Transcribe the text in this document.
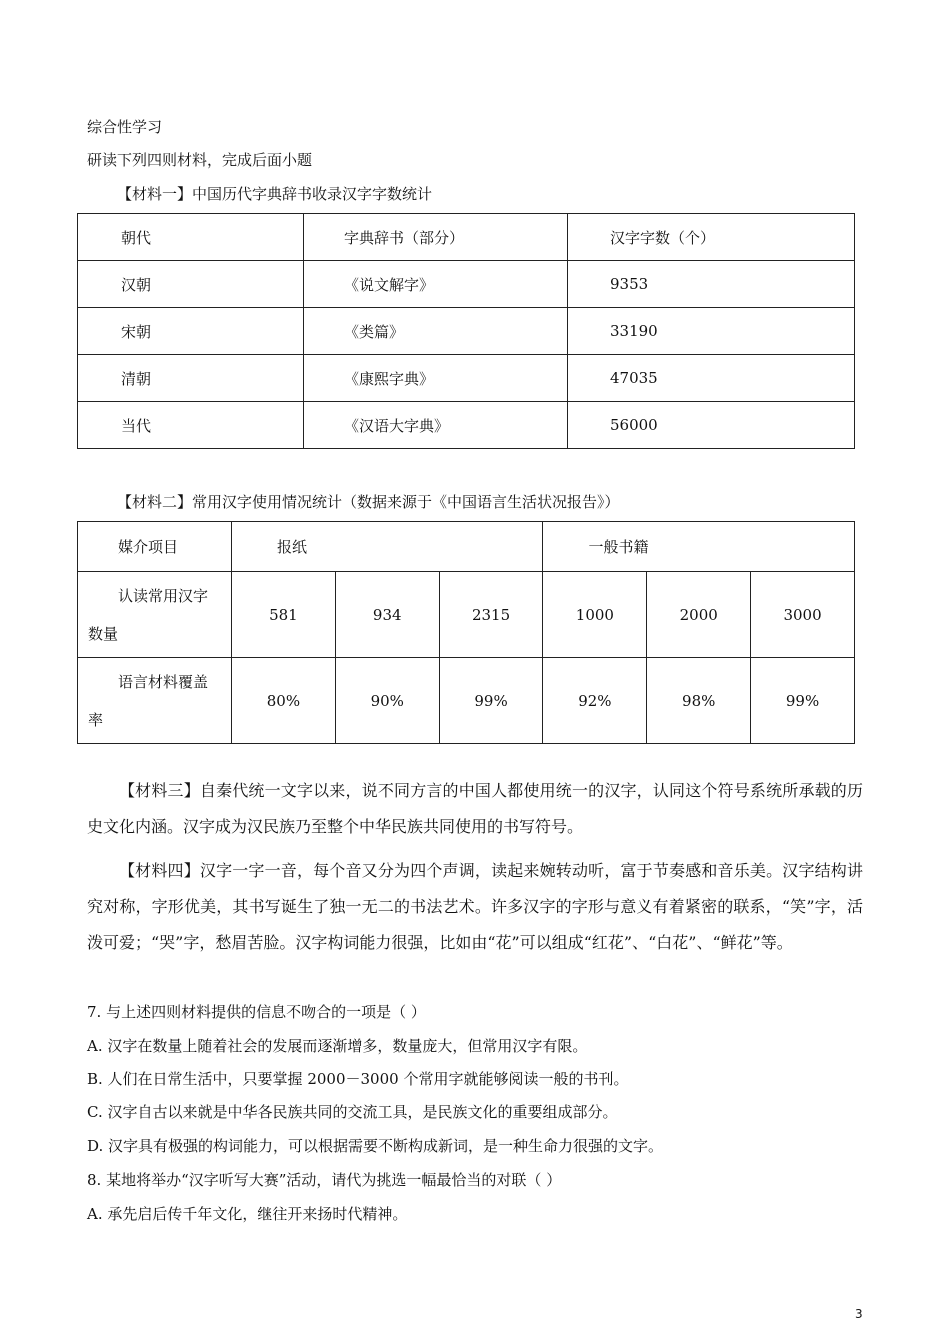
综合性学习
研读下列四则材料，完成后面小题
【材料一】中国历代字典辞书收录汉字字数统计
朝代	字典辞书（部分）	汉字字数（个）
汉朝	《说文解字》	9353
宋朝	《类篇》	33190
清朝	《康熙字典》	47035
当代	《汉语大字典》	56000
【材料二】常用汉字使用情况统计（数据来源于《中国语言生活状况报告》）
媒介项目	报纸			一般书籍		
认读常用汉字
数量	581	934	2315	1000	2000	3000
语言材料覆盖
率	80%	90%	99%	92%	98%	99%
【材料三】自秦代统一文字以来，说不同方言的中国人都使用统一的汉字，认同这个符号系统所承载的历史文化内涵。汉字成为汉民族乃至整个中华民族共同使用的书写符号。
【材料四】汉字一字一音，每个音又分为四个声调，读起来婉转动听，富于节奏感和音乐美。汉字结构讲究对称，字形优美，其书写诞生了独一无二的书法艺术。许多汉字的字形与意义有着紧密的联系，“笑”字，活泼可爱；“哭”字，愁眉苦脸。汉字构词能力很强，比如由“花”可以组成“红花”、“白花”、“鲜花”等。
7. 与上述四则材料提供的信息不吻合的一项是（ ）
A. 汉字在数量上随着社会的发展而逐渐增多，数量庞大，但常用汉字有限。
B. 人们在日常生活中，只要掌握 2000－3000 个常用字就能够阅读一般的书刊。
C. 汉字自古以来就是中华各民族共同的交流工具，是民族文化的重要组成部分。
D. 汉字具有极强的构词能力，可以根据需要不断构成新词，是一种生命力很强的文字。
8. 某地将举办“汉字听写大赛”活动，请代为挑选一幅最恰当的对联（ ）
A. 承先启后传千年文化，继往开来扬时代精神。
3
